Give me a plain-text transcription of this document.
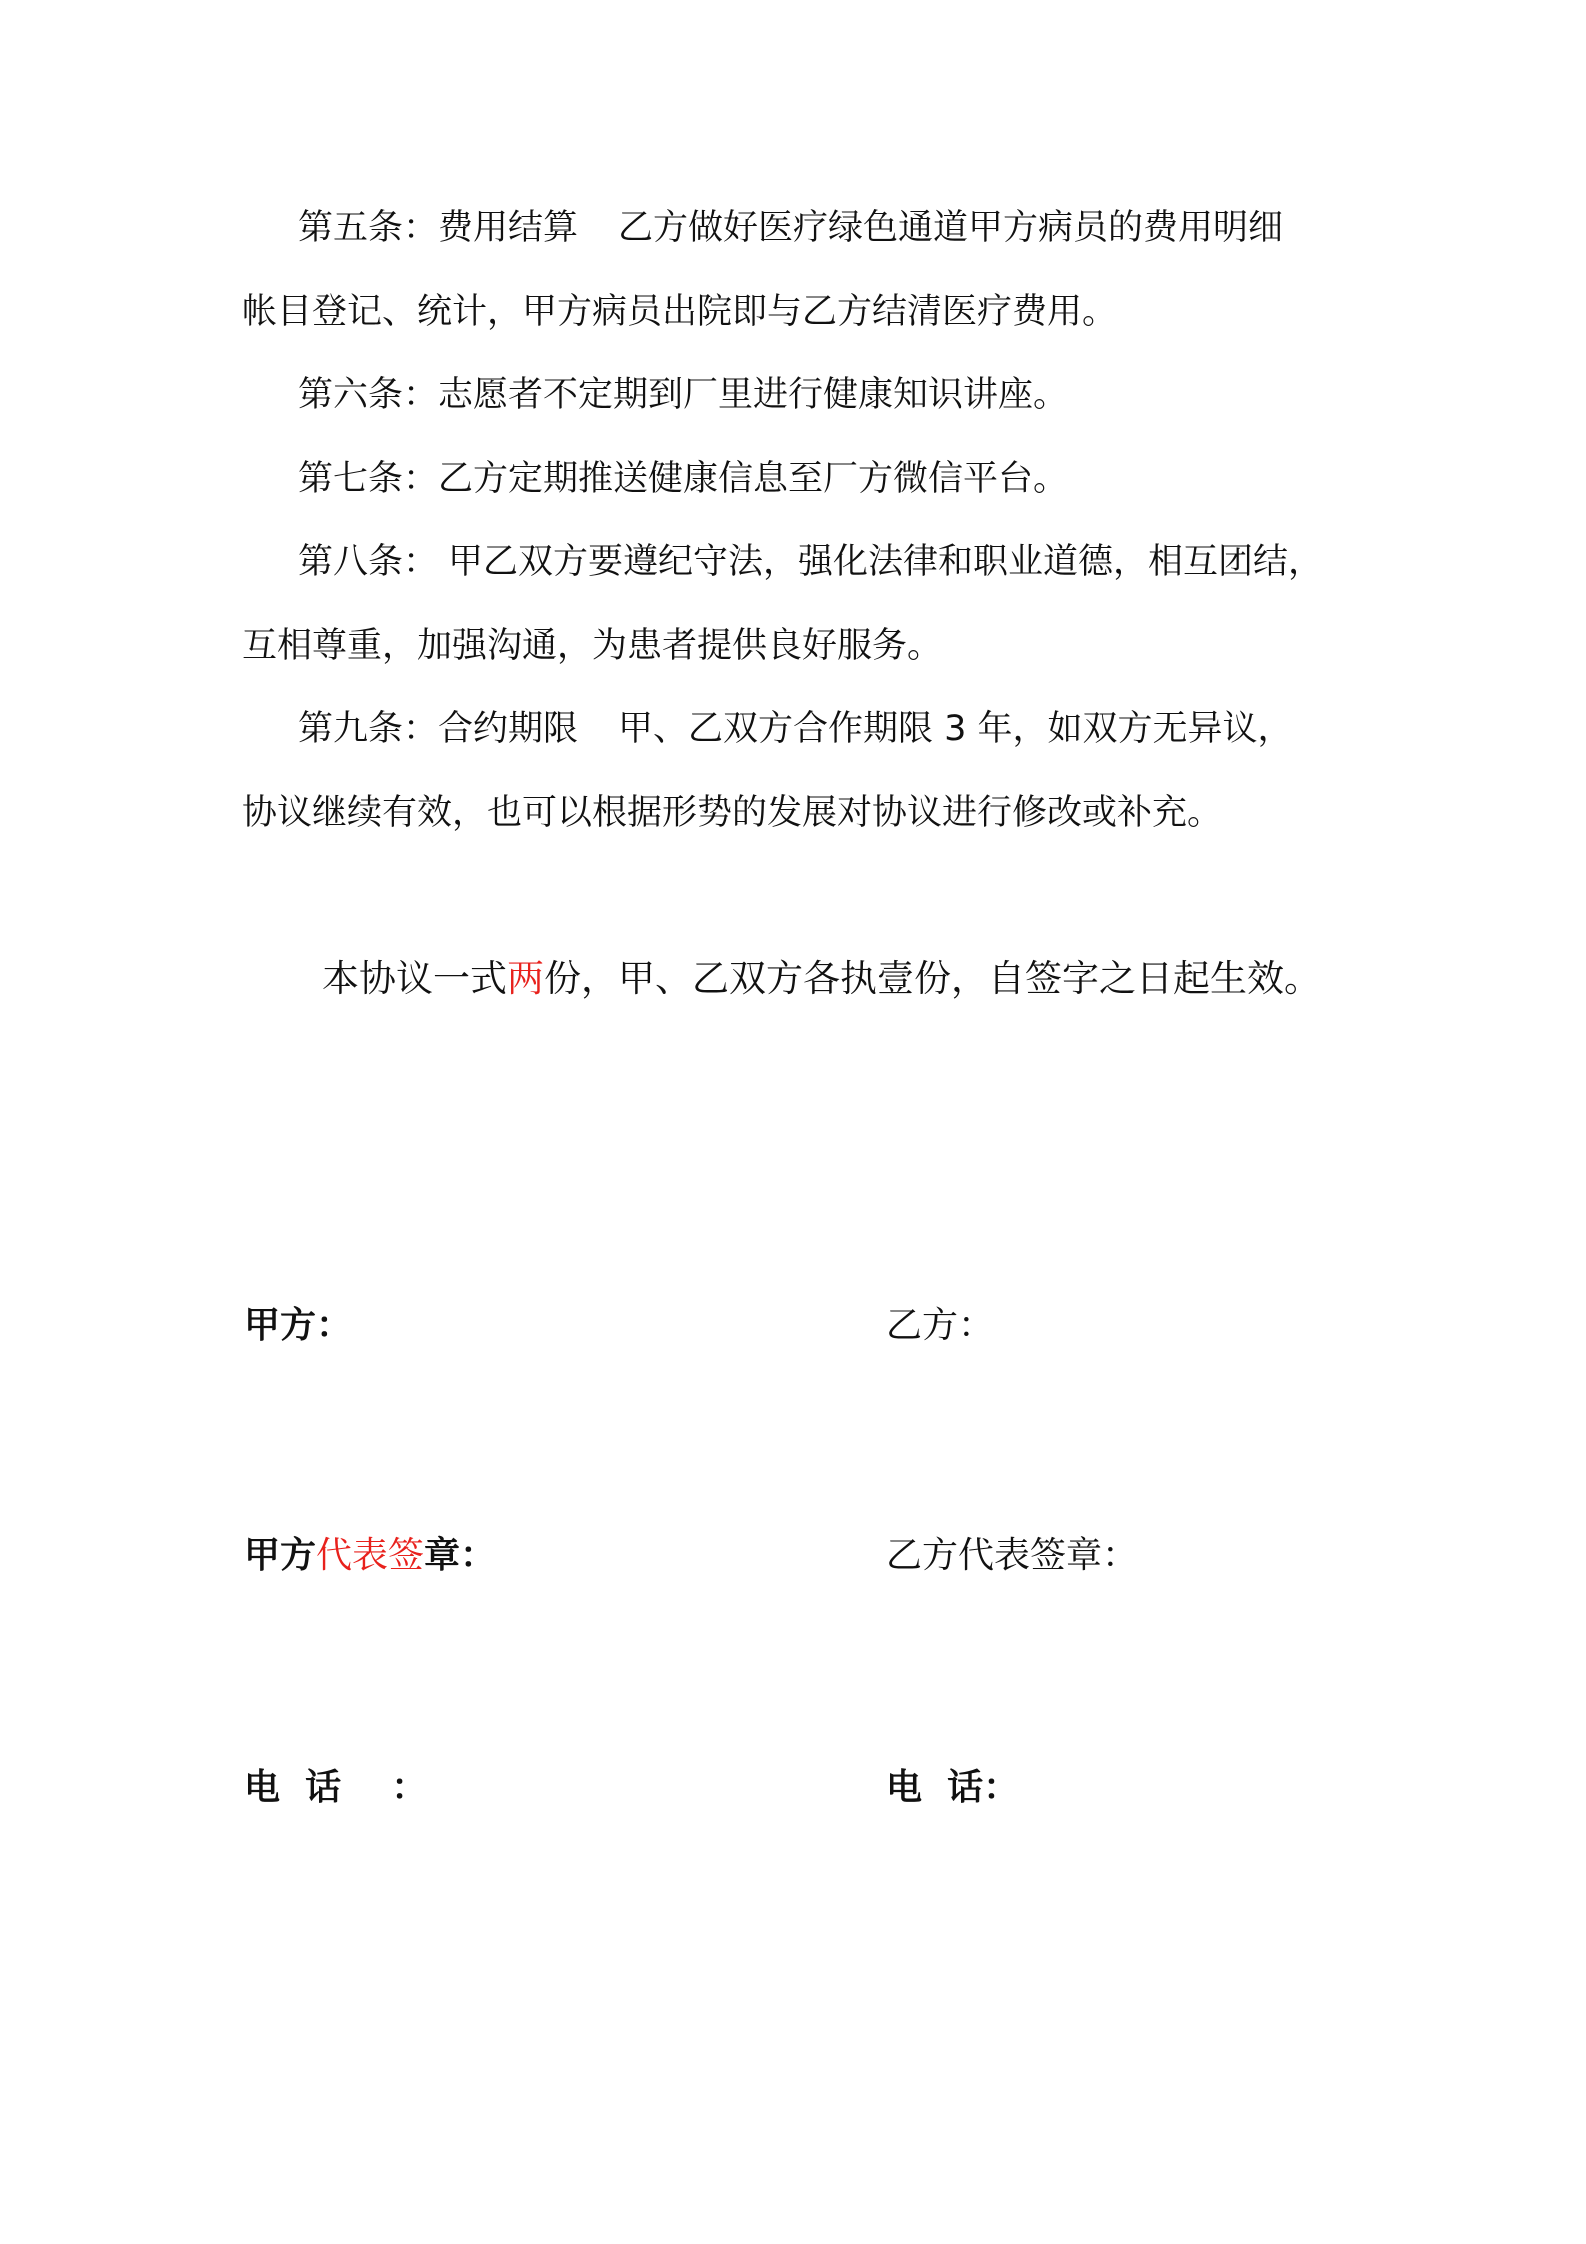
第五条：费用结算 乙方做好医疗绿色通道甲方病员的费用明细
帐目登记、统计，甲方病员出院即与乙方结清医疗费用。
第六条：志愿者不定期到厂里进行健康知识讲座。
第七条：乙方定期推送健康信息至厂方微信平台。
第八条： 甲乙双方要遵纪守法，强化法律和职业道德，相互团结，
互相尊重，加强沟通，为患者提供良好服务。
第九条：合约期限 甲、乙双方合作期限 3 年，如双方无异议，
协议继续有效，也可以根据形势的发展对协议进行修改或补充。
本协议一式两份，甲、乙双方各执壹份，自签字之日起生效。
甲方：	乙方：
甲方代表签章：	乙方代表签章：
电  话    ：	电  话：
